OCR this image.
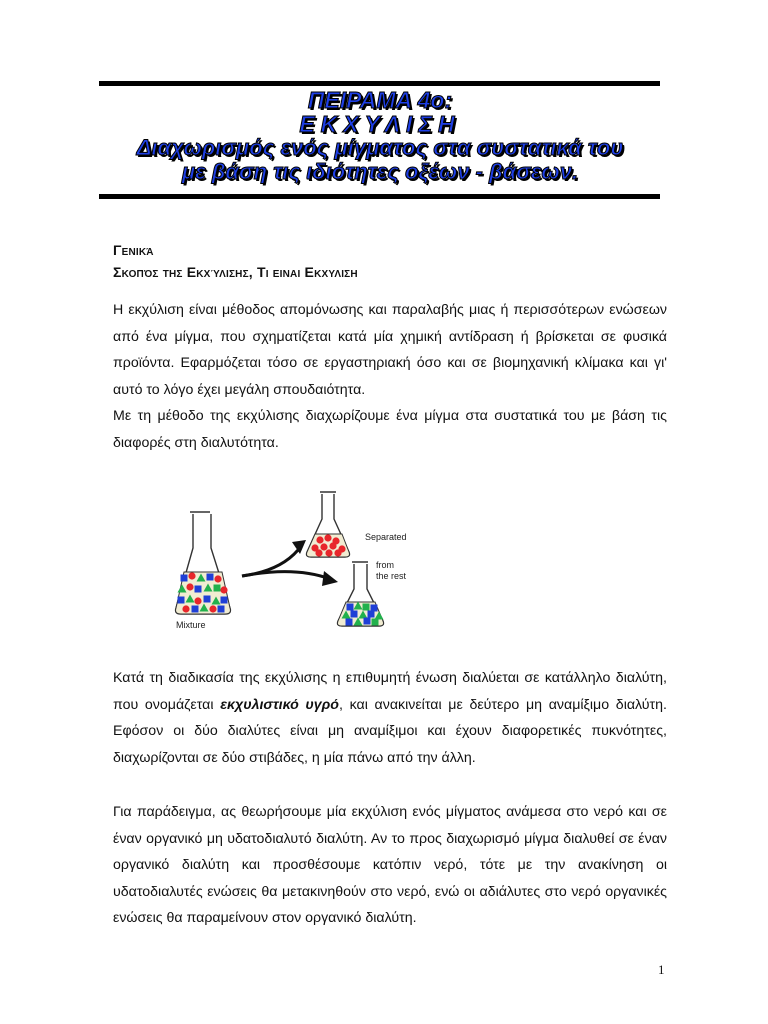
ΠΕΙΡΑΜΑ 4ο:
ΕΚΧΥΛΙΣΗ
Διαχωρισμός ενός μίγματος στα συστατικά του
με βάση τις ιδιότητες οξέων - βάσεων.
Γενικά
Σκοπός της Εκχύλισης, Τι ειναι Εκχυλιση
Η εκχύλιση είναι μέθοδος απομόνωσης και παραλαβής μιας ή περισσότερων ενώσεων από ένα μίγμα, που σχηματίζεται κατά μία χημική αντίδραση ή βρίσκεται σε φυσικά προϊόντα. Εφαρμόζεται τόσο σε εργαστηριακή όσο και σε βιομηχανική κλίμακα και γι' αυτό το λόγο έχει μεγάλη σπουδαιότητα.
Με τη μέθοδο της εκχύλισης διαχωρίζουμε ένα μίγμα στα συστατικά του με βάση τις διαφορές στη διαλυτότητα.
Mixture
Separated
from
the rest
Κατά τη διαδικασία της εκχύλισης η επιθυμητή ένωση διαλύεται σε κατάλληλο διαλύτη, που ονομάζεται εκχυλιστικό υγρό, και ανακινείται με δεύτερο μη αναμίξιμο διαλύτη. Εφόσον οι δύο διαλύτες είναι μη αναμίξιμοι και έχουν διαφορετικές πυκνότητες, διαχωρίζονται σε δύο στιβάδες, η μία πάνω από την άλλη.
Για παράδειγμα, ας θεωρήσουμε μία εκχύλιση ενός μίγματος ανάμεσα στο νερό και σε έναν οργανικό μη υδατοδιαλυτό διαλύτη. Αν το προς διαχωρισμό μίγμα διαλυθεί σε έναν οργανικό διαλύτη και προσθέσουμε κατόπιν νερό, τότε με την ανακίνηση οι υδατοδιαλυτές ενώσεις θα μετακινηθούν στο νερό, ενώ οι αδιάλυτες στο νερό οργανικές ενώσεις θα παραμείνουν στον οργανικό διαλύτη.
1
